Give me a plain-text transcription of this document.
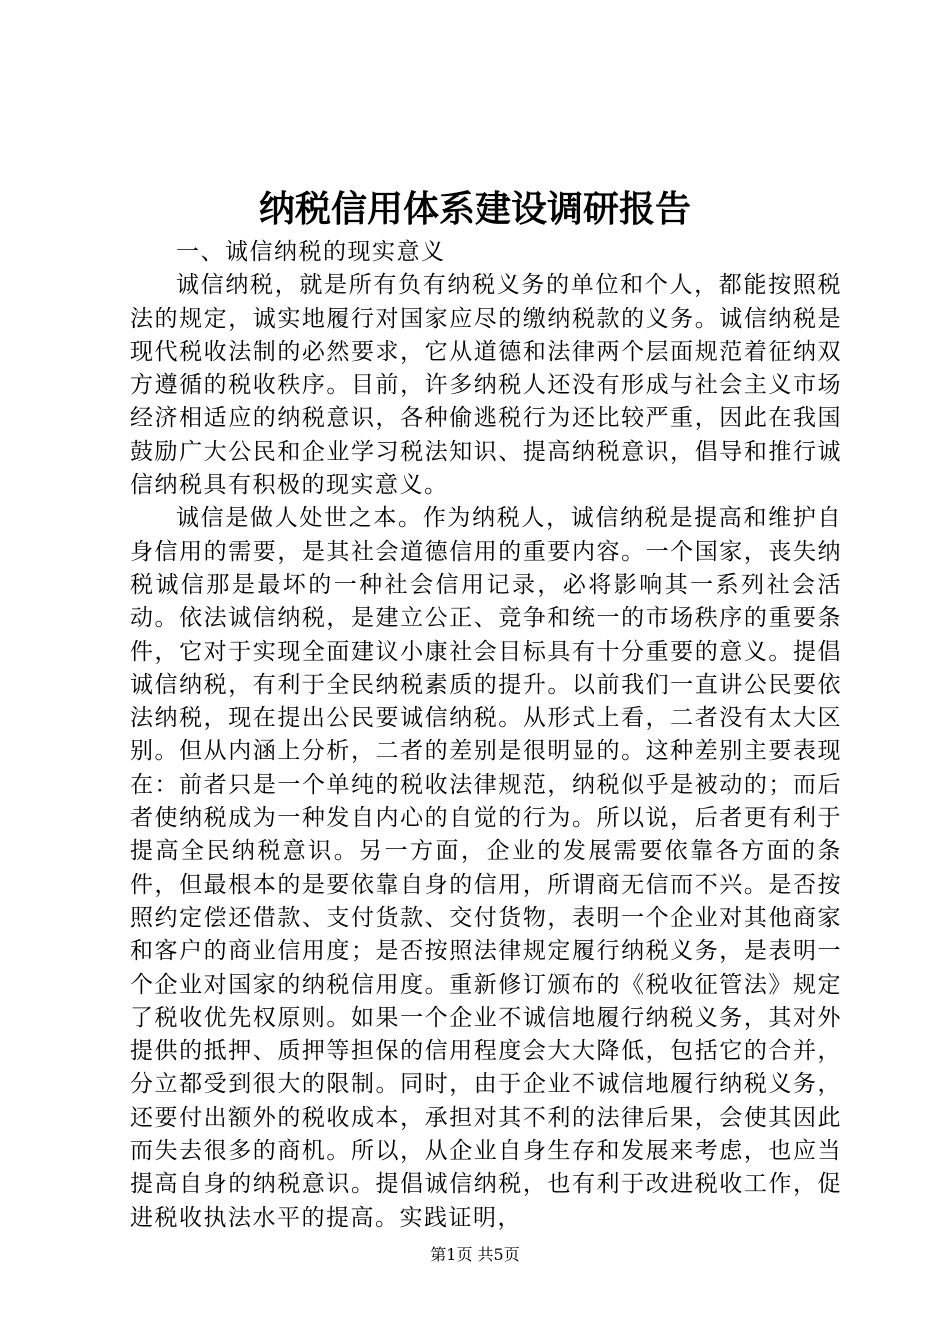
纳税信用体系建设调研报告
一、诚信纳税的现实意义

诚信纳税，就是所有负有纳税义务的单位和个人，都能按照税法的规定，诚实地履行对国家应尽的缴纳税款的义务。诚信纳税是现代税收法制的必然要求，它从道德和法律两个层面规范着征纳双方遵循的税收秩序。目前，许多纳税人还没有形成与社会主义市场经济相适应的纳税意识，各种偷逃税行为还比较严重，因此在我国鼓励广大公民和企业学习税法知识、提高纳税意识，倡导和推行诚信纳税具有积极的现实意义。

诚信是做人处世之本。作为纳税人，诚信纳税是提高和维护自身信用的需要，是其社会道德信用的重要内容。一个国家，丧失纳税诚信那是最坏的一种社会信用记录，必将影响其一系列社会活动。依法诚信纳税，是建立公正、竞争和统一的市场秩序的重要条件，它对于实现全面建议小康社会目标具有十分重要的意义。提倡诚信纳税，有利于全民纳税素质的提升。以前我们一直讲公民要依法纳税，现在提出公民要诚信纳税。从形式上看，二者没有太大区别。但从内涵上分析，二者的差别是很明显的。这种差别主要表现在：前者只是一个单纯的税收法律规范，纳税似乎是被动的；而后者使纳税成为一种发自内心的自觉的行为。所以说，后者更有利于提高全民纳税意识。另一方面，企业的发展需要依靠各方面的条件，但最根本的是要依靠自身的信用，所谓商无信而不兴。是否按照约定偿还借款、支付货款、交付货物，表明一个企业对其他商家和客户的商业信用度；是否按照法律规定履行纳税义务，是表明一个企业对国家的纳税信用度。重新修订颁布的《税收征管法》规定了税收优先权原则。如果一个企业不诚信地履行纳税义务，其对外提供的抵押、质押等担保的信用程度会大大降低，包括它的合并，分立都受到很大的限制。同时，由于企业不诚信地履行纳税义务，还要付出额外的税收成本，承担对其不利的法律后果，会使其因此而失去很多的商机。所以，从企业自身生存和发展来考虑，也应当提高自身的纳税意识。提倡诚信纳税，也有利于改进税收工作，促进税收执法水平的提高。实践证明，

第1页 共5页
